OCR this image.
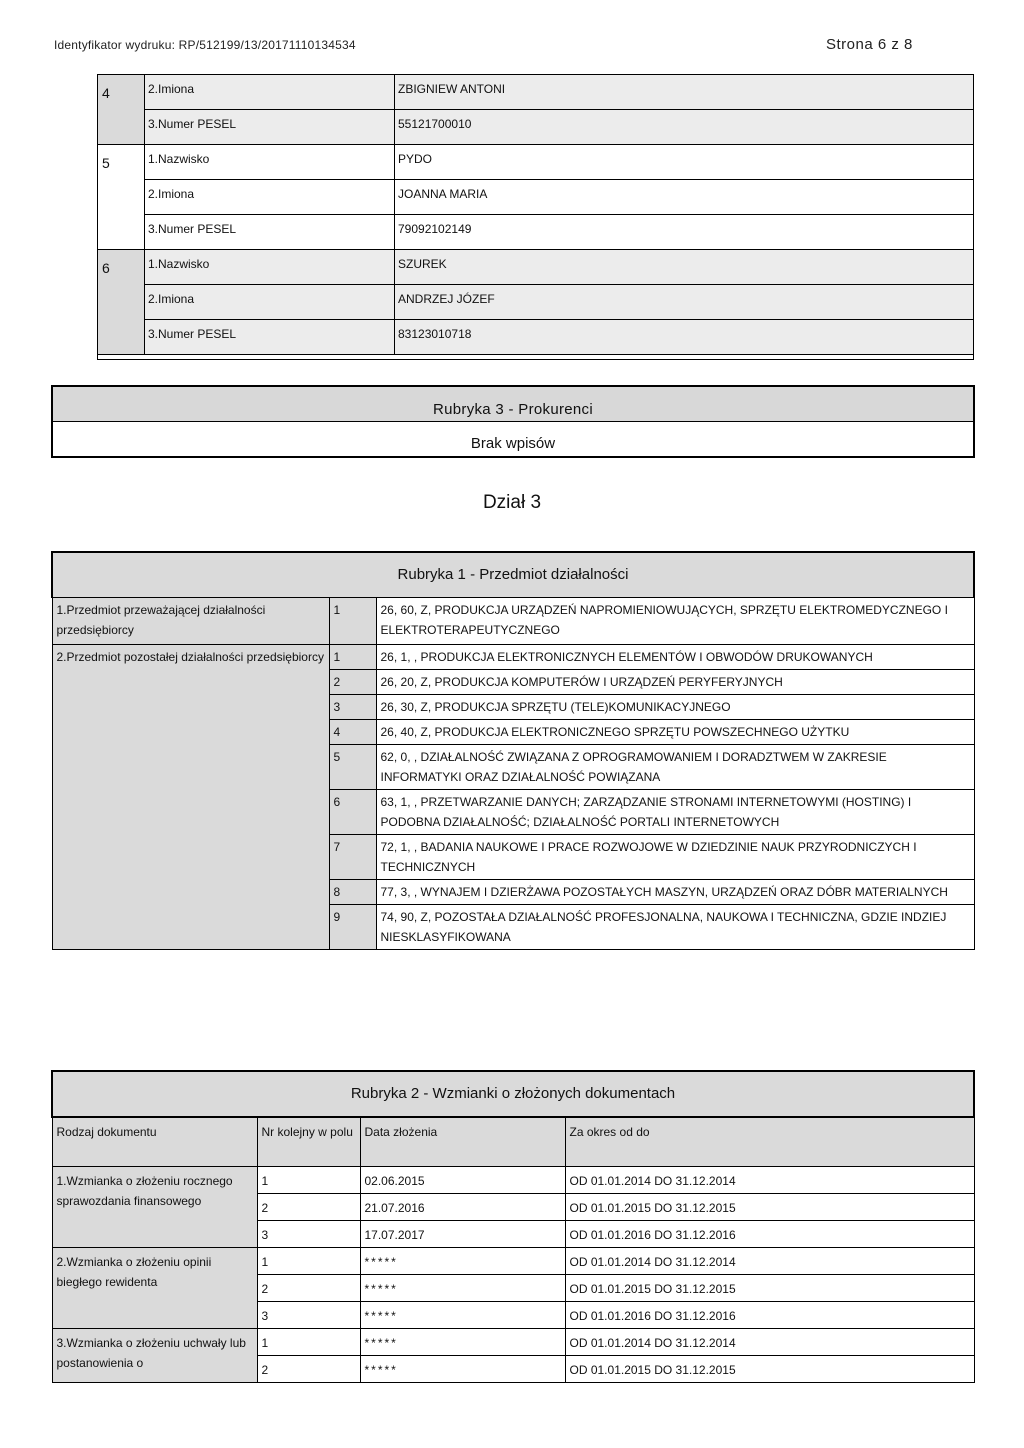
Identyfikator wydruku: RP/512199/13/20171110134534	Strona 6 z 8
4	2.Imiona	ZBIGNIEW ANTONI
	3.Numer PESEL	55121700010
5	1.Nazwisko	PYDO
	2.Imiona	JOANNA MARIA
	3.Numer PESEL	79092102149
6	1.Nazwisko	SZUREK
	2.Imiona	ANDRZEJ JÓZEF
	3.Numer PESEL	83123010718

Rubryka 3 - Prokurenci
Brak wpisów
Dział 3
Rubryka 1 - Przedmiot działalności		
1.Przedmiot przeważającej działalności przedsiębiorcy	1	26, 60, Z, PRODUKCJA URZĄDZEŃ NAPROMIENIOWUJĄCYCH, SPRZĘTU ELEKTROMEDYCZNEGO I ELEKTROTERAPEUTYCZNEGO
2.Przedmiot pozostałej działalności przedsiębiorcy	1	26, 1, , PRODUKCJA ELEKTRONICZNYCH ELEMENTÓW I OBWODÓW DRUKOWANYCH
	2	26, 20, Z, PRODUKCJA KOMPUTERÓW I URZĄDZEŃ PERYFERYJNYCH
	3	26, 30, Z, PRODUKCJA SPRZĘTU (TELE)KOMUNIKACYJNEGO
	4	26, 40, Z, PRODUKCJA ELEKTRONICZNEGO SPRZĘTU POWSZECHNEGO UŻYTKU
	5	62, 0, , DZIAŁALNOŚĆ ZWIĄZANA Z OPROGRAMOWANIEM I DORADZTWEM W ZAKRESIE INFORMATYKI ORAZ DZIAŁALNOŚĆ POWIĄZANA
	6	63, 1, , PRZETWARZANIE DANYCH; ZARZĄDZANIE STRONAMI INTERNETOWYMI (HOSTING) I PODOBNA DZIAŁALNOŚĆ; DZIAŁALNOŚĆ PORTALI INTERNETOWYCH
	7	72, 1, , BADANIA NAUKOWE I PRACE ROZWOJOWE W DZIEDZINIE NAUK PRZYRODNICZYCH I TECHNICZNYCH
	8	77, 3, , WYNAJEM I DZIERŻAWA POZOSTAŁYCH MASZYN, URZĄDZEŃ ORAZ DÓBR MATERIALNYCH
	9	74, 90, Z, POZOSTAŁA DZIAŁALNOŚĆ PROFESJONALNA, NAUKOWA I TECHNICZNA, GDZIE INDZIEJ NIESKLASYFIKOWANA
Rubryka 2 - Wzmianki o złożonych dokumentach			
Rodzaj dokumentu	Nr kolejny w polu	Data złożenia	Za okres od do
1.Wzmianka o złożeniu rocznego sprawozdania finansowego	1	02.06.2015	OD 01.01.2014 DO 31.12.2014
	2	21.07.2016	OD 01.01.2015 DO 31.12.2015
	3	17.07.2017	OD 01.01.2016 DO 31.12.2016
2.Wzmianka o złożeniu opinii biegłego rewidenta	1	*****	OD 01.01.2014 DO 31.12.2014
	2	*****	OD 01.01.2015 DO 31.12.2015
	3	*****	OD 01.01.2016 DO 31.12.2016
3.Wzmianka o złożeniu uchwały lub postanowienia o	1	*****	OD 01.01.2014 DO 31.12.2014
	2	*****	OD 01.01.2015 DO 31.12.2015
